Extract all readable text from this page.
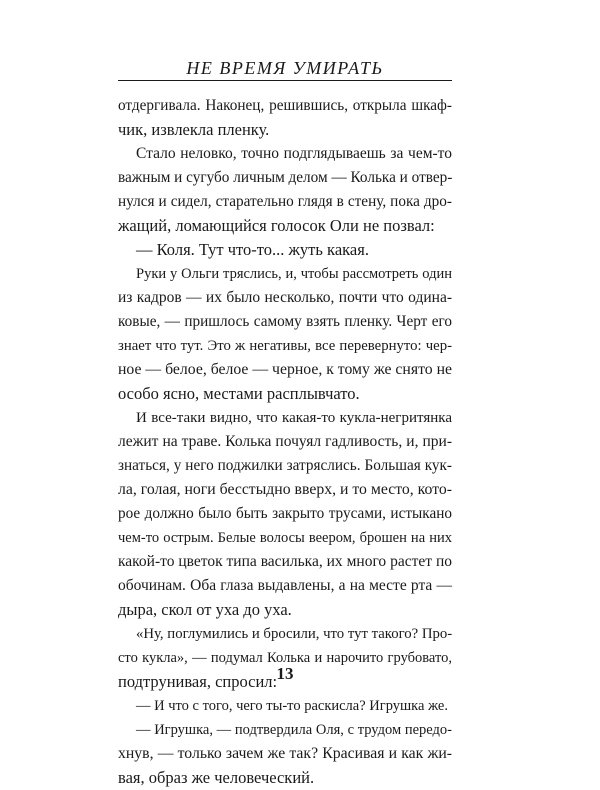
НЕ ВРЕМЯ УМИРАТЬ
отдергивала. Наконец, решившись, открыла шкаф-
чик, извлекла пленку.
Стало неловко, точно подглядываешь за чем-то
важным и сугубо личным делом — Колька и отвер-
нулся и сидел, старательно глядя в стену, пока дро-
жащий, ломающийся голосок Оли не позвал:
— Коля. Тут что-то... жуть какая.
Руки у Ольги тряслись, и, чтобы рассмотреть один
из кадров — их было несколько, почти что одина-
ковые, — пришлось самому взять пленку. Черт его
знает что тут. Это ж негативы, все перевернуто: чер-
ное — белое, белое — черное, к тому же снято не
особо ясно, местами расплывчато.
И все-таки видно, что какая-то кукла-негритянка
лежит на траве. Колька почуял гадливость, и, при-
знаться, у него поджилки затряслись. Большая кук-
ла, голая, ноги бесстыдно вверх, и то место, кото-
рое должно было быть закрыто трусами, истыкано
чем-то острым. Белые волосы веером, брошен на них
какой-то цветок типа василька, их много растет по
обочинам. Оба глаза выдавлены, а на месте рта —
дыра, скол от уха до уха.
«Ну, поглумились и бросили, что тут такого? Про-
сто кукла», — подумал Колька и нарочито грубовато,
подтрунивая, спросил:
— И что с того, чего ты-то раскисла? Игрушка же.
— Игрушка, — подтвердила Оля, с трудом передо-
хнув, — только зачем же так? Красивая и как жи-
вая, образ же человеческий.
13
